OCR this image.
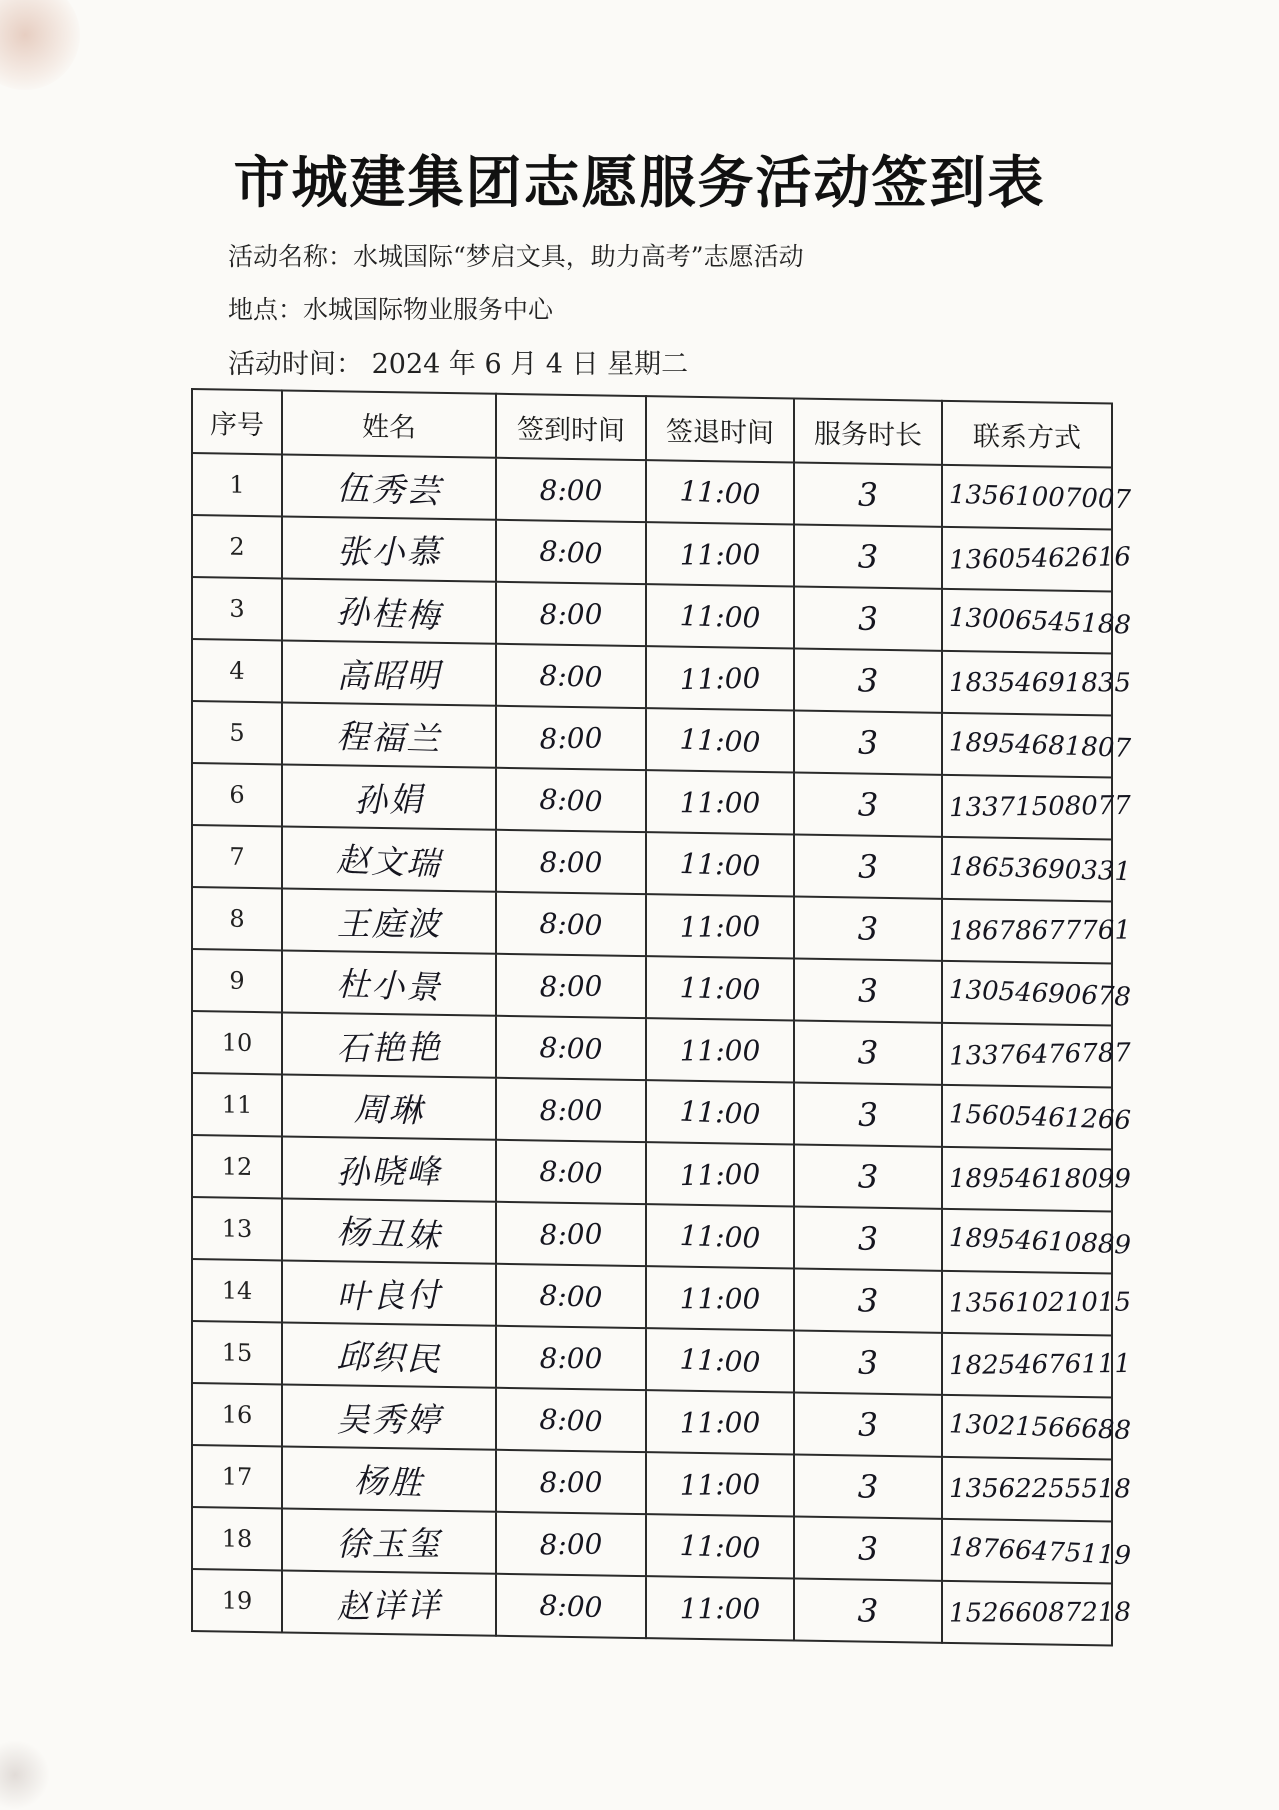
市城建集团志愿服务活动签到表
活动名称：水城国际“梦启文具，助力高考”志愿活动
地点：水城国际物业服务中心
活动时间： 2024 年 6 月 4 日 星期二
序号	姓名	签到时间	签退时间	服务时长	联系方式
1	伍秀芸	8:00	11:00	3	13561007007
2	张小慕	8:00	11:00	3	13605462616
3	孙桂梅	8:00	11:00	3	13006545188
4	高昭明	8:00	11:00	3	18354691835
5	程福兰	8:00	11:00	3	18954681807
6	孙娟	8:00	11:00	3	13371508077
7	赵文瑞	8:00	11:00	3	18653690331
8	王庭波	8:00	11:00	3	18678677761
9	杜小景	8:00	11:00	3	13054690678
10	石艳艳	8:00	11:00	3	13376476787
11	周琳	8:00	11:00	3	15605461266
12	孙晓峰	8:00	11:00	3	18954618099
13	杨丑妹	8:00	11:00	3	18954610889
14	叶良付	8:00	11:00	3	13561021015
15	邱织民	8:00	11:00	3	18254676111
16	吴秀婷	8:00	11:00	3	13021566688
17	杨胜	8:00	11:00	3	13562255518
18	徐玉玺	8:00	11:00	3	18766475119
19	赵详详	8:00	11:00	3	15266087218
